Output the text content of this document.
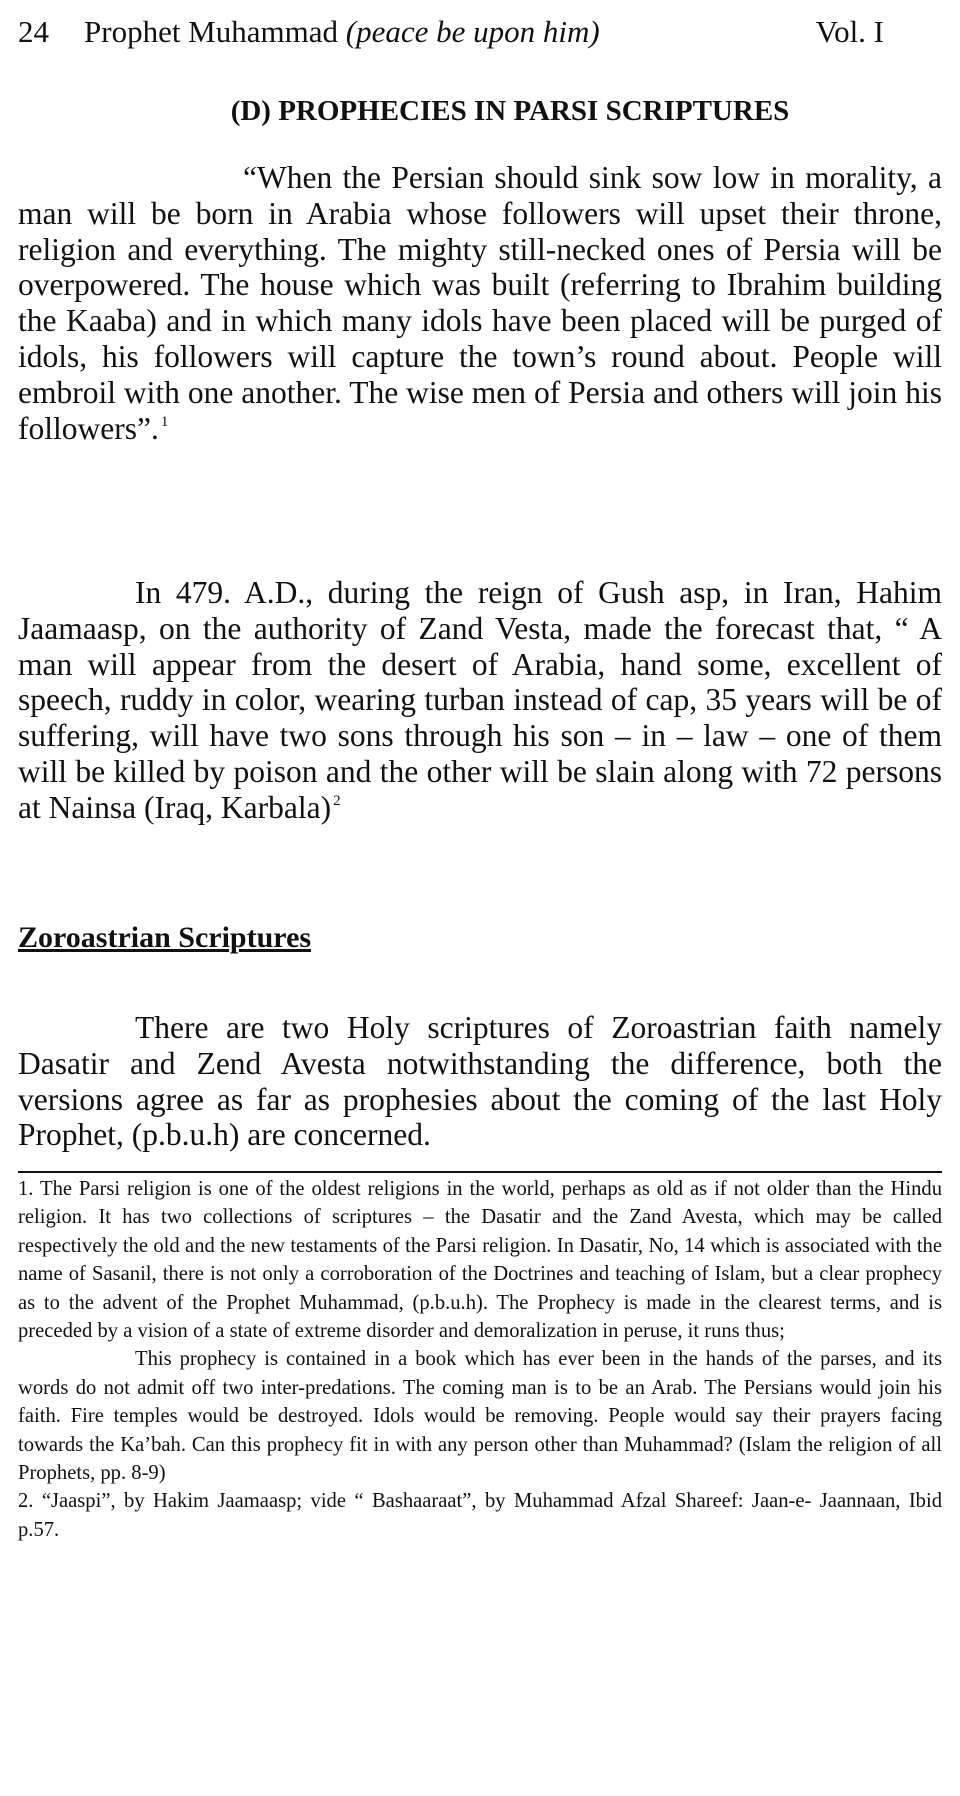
24 Prophet Muhammad (peace be upon him)	Vol. I
(D) PROPHECIES IN PARSI SCRIPTURES

“When the Persian should sink sow low in morality, a man will be born in Arabia whose followers will upset their throne, religion and everything. The mighty still-necked ones of Persia will be overpowered. The house which was built (referring to Ibrahim building the Kaaba) and in which many idols have been placed will be purged of idols, his followers will capture the town’s round about. People will embroil with one another. The wise men of Persia and others will join his followers”. $^1$

In 479. A.D., during the reign of Gush asp, in Iran, Hahim Jaamaasp, on the authority of Zand Vesta, made the forecast that, “ A man will appear from the desert of Arabia, hand some, excellent of speech, ruddy in color, wearing turban instead of cap, 35 years will be of suffering, will have two sons through his son – in – law – one of them will be killed by poison and the other will be slain along with 72 persons at Nainsa (Iraq, Karbala) $^2$

Zoroastrian Scriptures

There are two Holy scriptures of Zoroastrian faith namely Dasatir and Zend Avesta notwithstanding the difference, both the versions agree as far as prophesies about the coming of the last Holy Prophet, (p.b.u.h) are concerned.

1. The Parsi religion is one of the oldest religions in the world, perhaps as old as if not older than the Hindu religion. It has two collections of scriptures – the Dasatir and the Zand Avesta, which may be called respectively the old and the new testaments of the Parsi religion. In Dasatir, No, 14 which is associated with the name of Sasanil, there is not only a corroboration of the Doctrines and teaching of Islam, but a clear prophecy as to the advent of the Prophet Muhammad, (p.b.u.h). The Prophecy is made in the clearest terms, and is preceded by a vision of a state of extreme disorder and demoralization in peruse, it runs thus;

This prophecy is contained in a book which has ever been in the hands of the parses, and its words do not admit off two inter-predations. The coming man is to be an Arab. The Persians would join his faith. Fire temples would be destroyed. Idols would be removing. People would say their prayers facing towards the Ka’bah. Can this prophecy fit in with any person other than Muhammad? (Islam the religion of all Prophets, pp. 8-9)

2. “Jaaspi”, by Hakim Jaamaasp; vide “ Bashaaraat”, by Muhammad Afzal Shareef: Jaan-e- Jaannaan, Ibid p.57.
